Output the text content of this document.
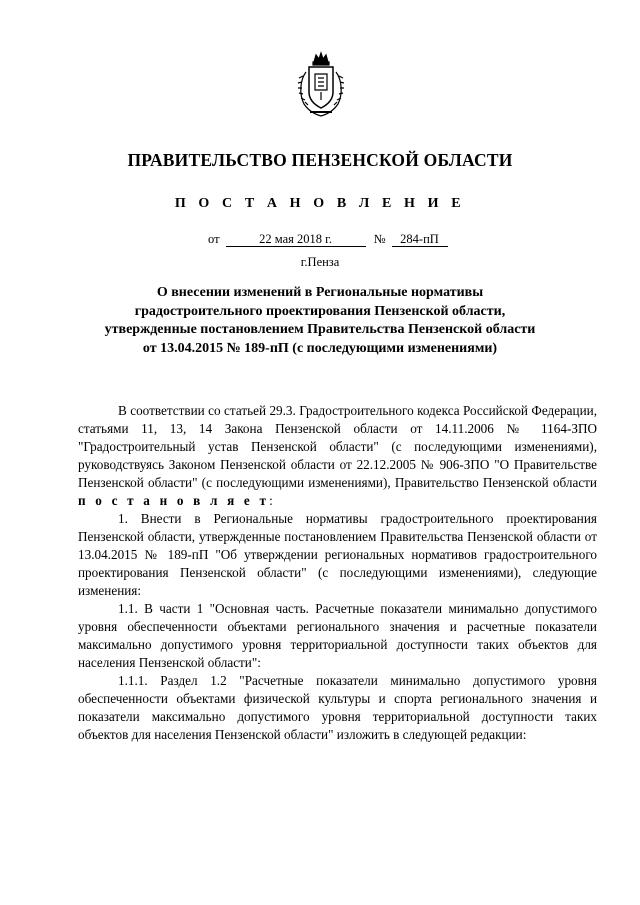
ПРАВИТЕЛЬСТВО ПЕНЗЕНСКОЙ ОБЛАСТИ
П О С Т А Н О В Л Е Н И Е
от	22 мая 2018 г.	№ 284-пП
г.Пенза
О внесении изменений в Региональные нормативы
градостроительного проектирования Пензенской области,
утвержденные постановлением Правительства Пензенской области
от 13.04.2015 № 189-пП (с последующими изменениями)

В соответствии со статьей 29.3. Градостроительного кодекса Российской Федерации, статьями 11, 13, 14 Закона Пензенской области от 14.11.2006 № 1164-ЗПО "Градостроительный устав Пензенской области" (с последующими изменениями), руководствуясь Законом Пензенской области от 22.12.2005 № 906-ЗПО "О Правительстве Пензенской области" (с последующими изменениями), Правительство Пензенской области п о с т а н о в л я е т:

1. Внести в Региональные нормативы градостроительного проектирования Пензенской области, утвержденные постановлением Правительства Пензенской области от 13.04.2015 № 189-пП "Об утверждении региональных нормативов градостроительного проектирования Пензенской области" (с последующими изменениями), следующие изменения:

1.1. В части 1 "Основная часть. Расчетные показатели минимально допустимого уровня обеспеченности объектами регионального значения и расчетные показатели максимально допустимого уровня территориальной доступности таких объектов для населения Пензенской области":

1.1.1. Раздел 1.2 "Расчетные показатели минимально допустимого уровня обеспеченности объектами физической культуры и спорта регионального значения и показатели максимально допустимого уровня территориальной доступности таких объектов для населения Пензенской области" изложить в следующей редакции:
